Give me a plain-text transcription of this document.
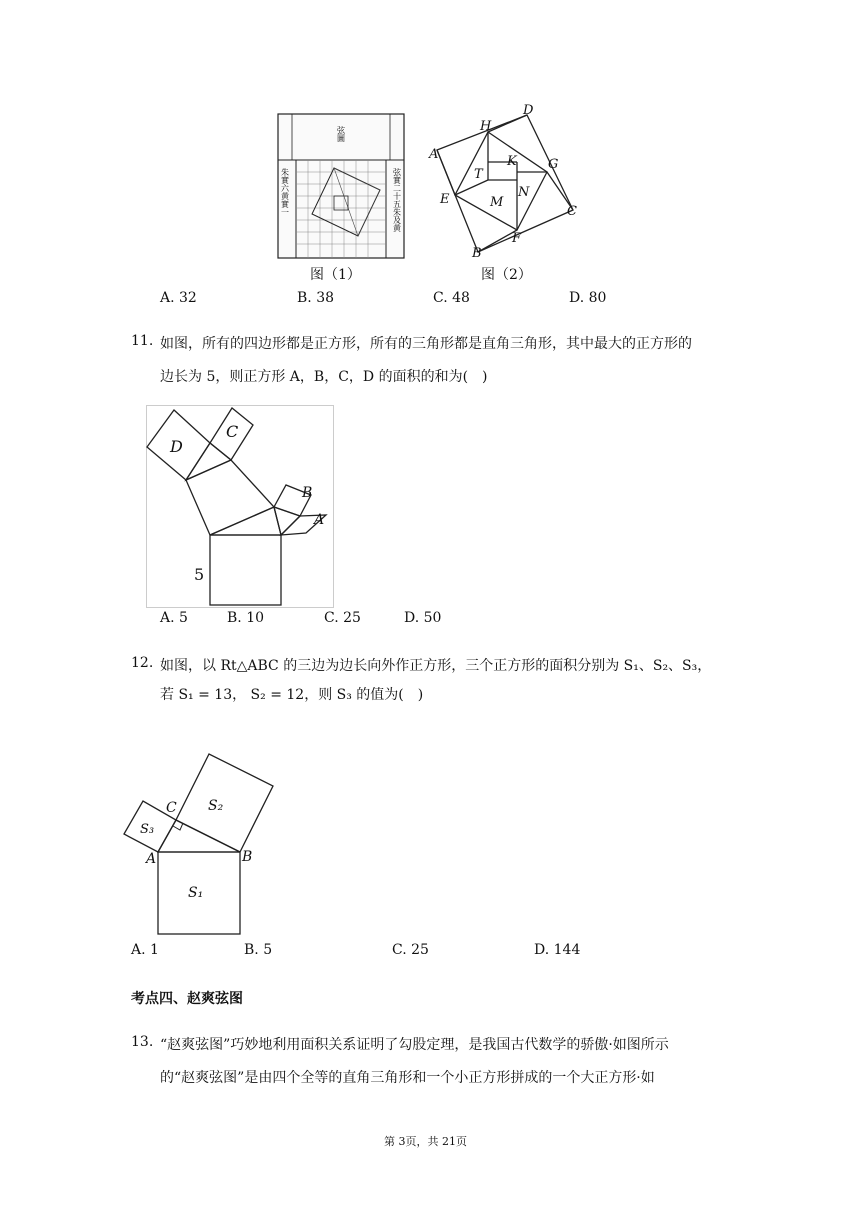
弦圖
朱實六黄實一	弦實二十五朱及黄
图（1）
D
H
A	K G
T
N
E	M
C
F
B
图（2）
A. 32	B. 38	C. 48	D. 80
11. 如图，所有的四边形都是正方形，所有的三角形都是直角三角形，其中最大的正方形的
边长为 5，则正方形 A，B，C，D 的面积的和为(　)
D
C
B
A
5
A. 5	B. 10	C. 25	D. 50
12. 如图，以 Rt△ABC 的三边为边长向外作正方形，三个正方形的面积分别为 S₁、S₂、S₃，
若 S₁ = 13， S₂ = 12，则 S₃ 的值为(　)
C
A	B
S₂
S₃
S₁
A. 1	B. 5	C. 25	D. 144
考点四、赵爽弦图
13. “赵爽弦图”巧妙地利用面积关系证明了勾股定理，是我国古代数学的骄傲·如图所示
的“赵爽弦图”是由四个全等的直角三角形和一个小正方形拼成的一个大正方形·如
第 3页，共 21页
